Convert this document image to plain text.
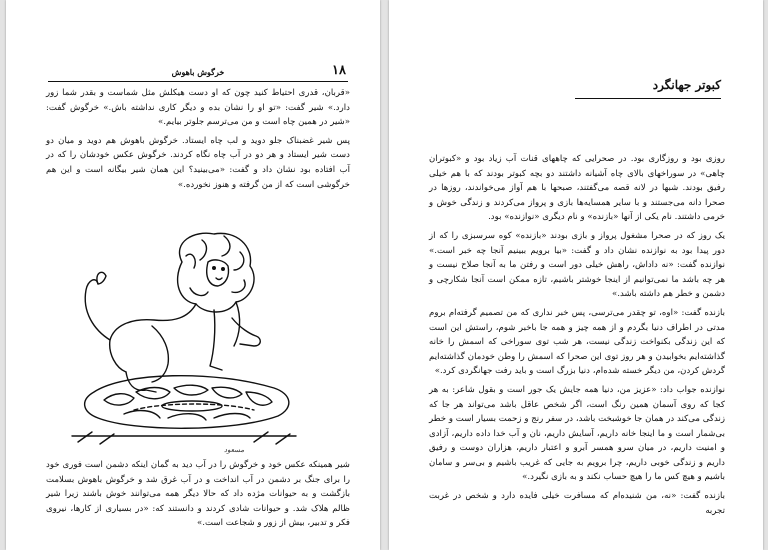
خرگوش باهوش	۱۸

«قربان، قدری احتیاط کنید چون که او دست هیکلش مثل شماست و بقدر شما زور دارد.» شیر گفت: «تو او را نشان بده و دیگر کاری نداشته باش.» خرگوش گفت: «شیر در همین چاه است و من می‌ترسم جلوتر بیایم.»

پس شیر غضبناک جلو دوید و لب چاه ایستاد. خرگوش باهوش هم دوید و میان دو دست شیر ایستاد و هر دو در آب چاه نگاه کردند. خرگوش عکس خودشان را که در آب افتاده بود نشان داد و گفت: «می‌بینید؟ این همان شیر بیگانه است و این هم خرگوشی است که از من گرفته و هنوز نخورده.»

مسعود

شیر همینکه عکس خود و خرگوش را در آب دید به گمان اینکه دشمن است فوری خود را برای جنگ بر دشمن در آب انداخت و در آب غرق شد و خرگوش باهوش بسلامت بازگشت و به حیوانات مژده داد که حالا دیگر همه می‌توانند خوش باشند زیرا شیر ظالم هلاک شد. و حیوانات شادی کردند و دانستند که: «در بسیاری از کارها، نیروی فکر و تدبیر، بیش از زور و شجاعت است.»

کبوتر جهانگرد

روزی بود و روزگاری بود. در صحرایی که چاههای قنات آب زیاد بود و «کبوتران چاهی» در سوراخهای بالای چاه آشیانه داشتند دو بچه کبوتر بودند که با هم خیلی رفیق بودند. شبها در لانه قصه می‌گفتند، صبحها با هم آواز می‌خواندند، روزها در صحرا دانه می‌جستند و با سایر همسایه‌ها بازی و پرواز می‌کردند و زندگی خوش و خرمی داشتند. نام یکی از آنها «بازنده» و نام دیگری «نوازنده» بود.

یک روز که در صحرا مشغول پرواز و بازی بودند «بازنده» کوه سرسبزی را که از دور پیدا بود به نوازنده نشان داد و گفت: «بیا برویم ببینیم آنجا چه خبر است.» نوازنده گفت: «نه داداش، راهش خیلی دور است و رفتن ما به آنجا صلاح نیست و هر چه باشد ما نمی‌توانیم از اینجا خوشتر باشیم، تازه ممکن است آنجا شکارچی و دشمن و خطر هم داشته باشد.»

بازنده گفت: «اوه، تو چقدر می‌ترسی، پس خبر نداری که من تصمیم گرفته‌ام بروم مدتی در اطراف دنیا بگردم و از همه چیز و همه جا باخبر شوم، راستش این است که این زندگی بکنواخت زندگی نیست، هر شب توی سوراخی که اسمش را خانه گذاشته‌ایم بخوابیدن و هر روز توی این صحرا که اسمش را وطن خودمان گذاشته‌ایم گردش کردن، من دیگر خسته شده‌ام، دنیا بزرگ است و باید رفت جهانگردی کرد.»

نوازنده جواب داد: «عزیز من، دنیا همه جایش یک جور است و بقول شاعر: به هر کجا که روی آسمان همین رنگ است، اگر شخص عاقل باشد می‌تواند هر جا که زندگی می‌کند در همان جا خوشبخت باشد، در سفر رنج و زحمت بسیار است و خطر بی‌شمار است و ما اینجا خانه داریم، آسایش داریم، نان و آب خدا داده داریم، آزادی و امنیت داریم، در میان سرو همسر آبرو و اعتبار داریم، هزاران دوست و رفیق داریم و زندگی خوبی داریم، چرا برویم به جایی که غریب باشیم و بی‌سر و سامان باشیم و هیچ کس ما را هیچ حساب نکند و به بازی نگیرد.»

بازنده گفت: «نه، من شنیده‌ام که مسافرت خیلی فایده دارد و شخص در غربت تجربه
